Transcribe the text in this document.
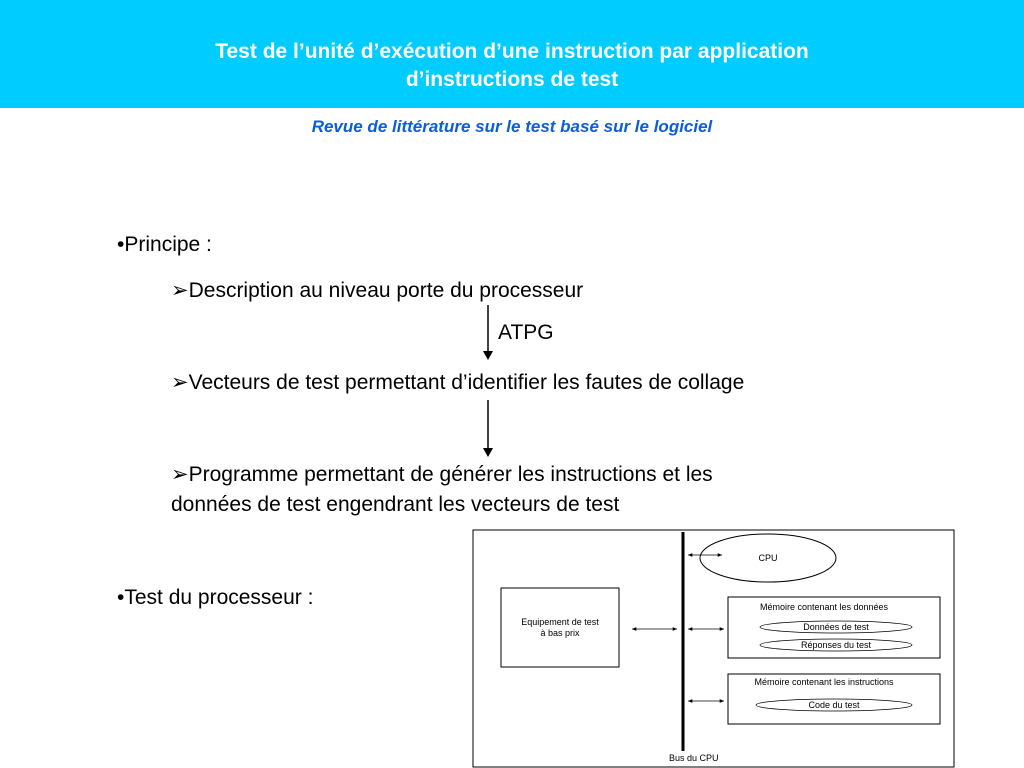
Test de l’unité d’exécution d’une instruction par application
d’instructions de test
Revue de littérature sur le test basé sur le logiciel
•Principe :
➢Description au niveau porte du processeur
ATPG
➢Vecteurs de test permettant d’identifier les fautes de collage
➢Programme permettant de générer les instructions et les
données de test engendrant les vecteurs de test
•Test du processeur :
Bus du CPU
CPU
Equipement de test
à bas prix
Mémoire contenant les données
Données de test
Réponses du test
Mémoire contenant les instructions
Code du test
